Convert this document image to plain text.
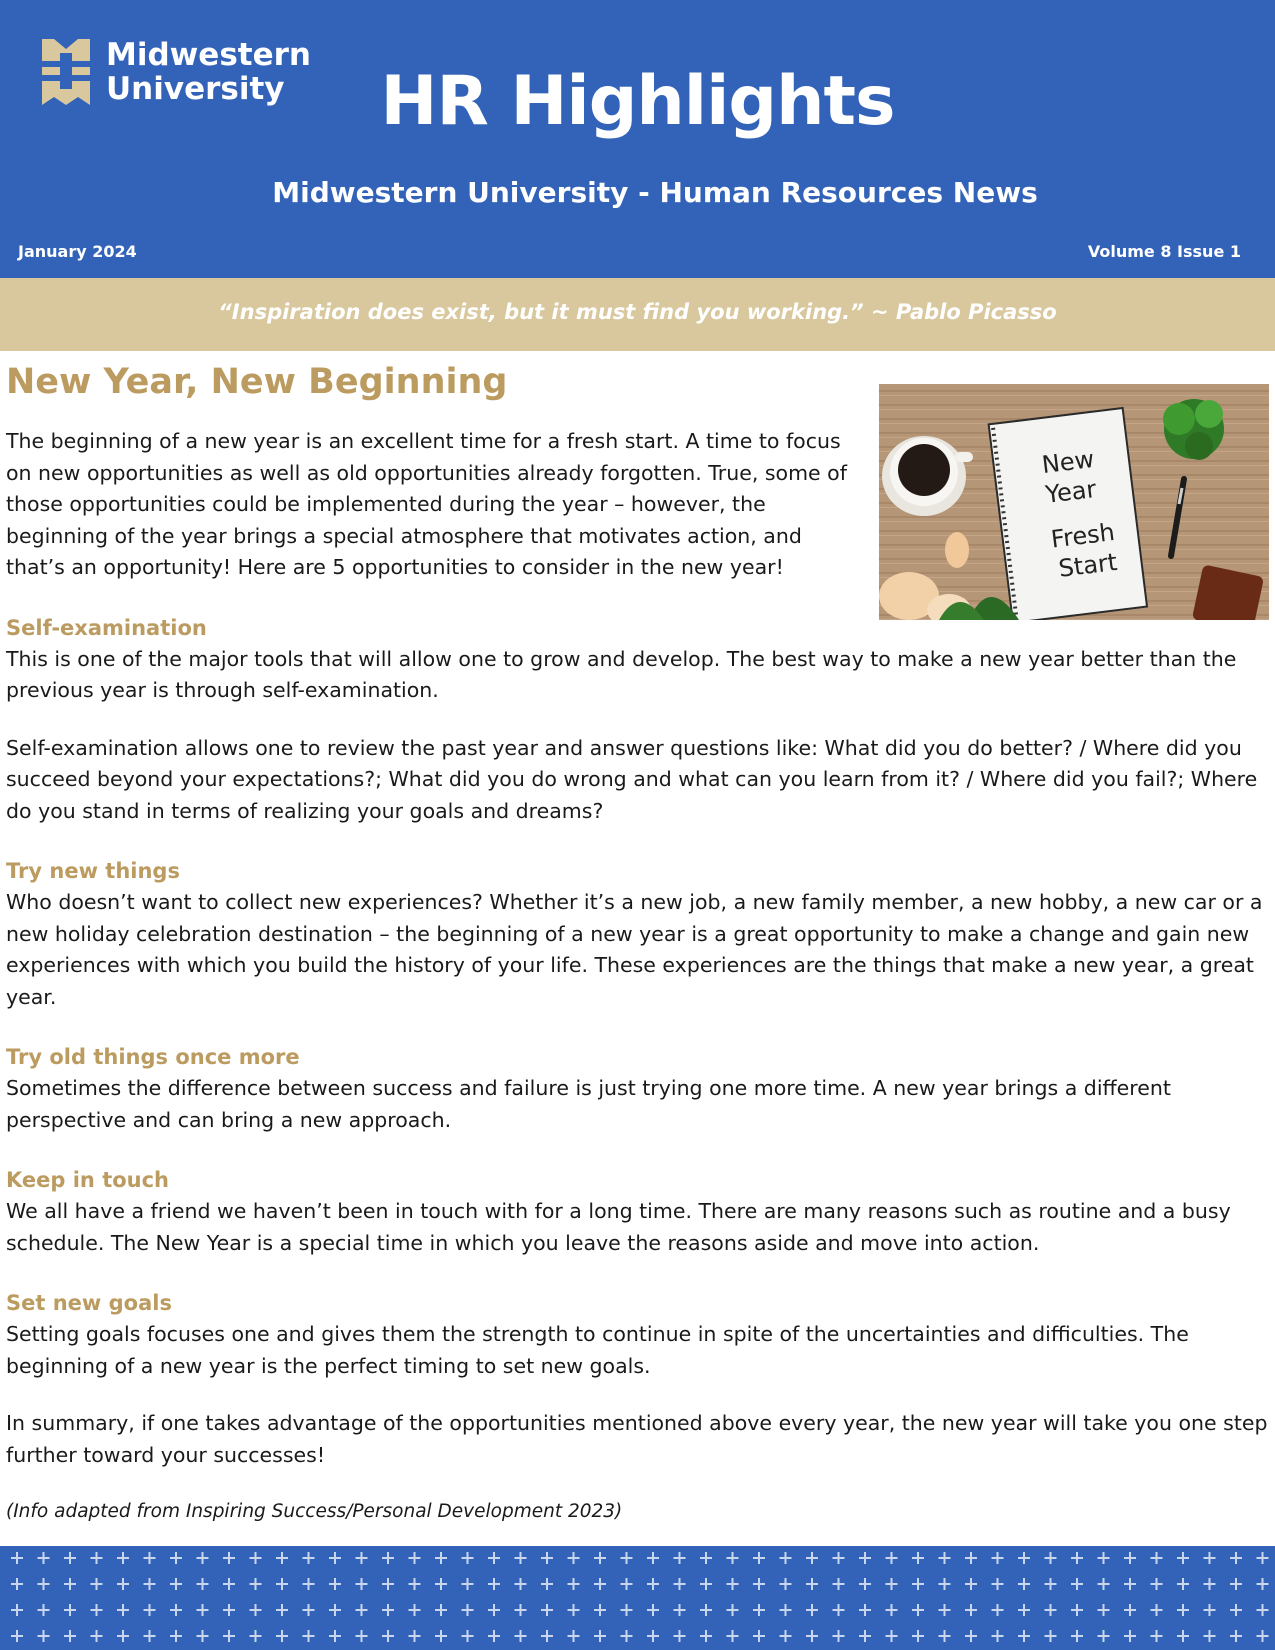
Midwestern
University	HR Highlights
Midwestern University - Human Resources News
January 2024	Volume 8 Issue 1
“Inspiration does exist, but it must find you working.” ~ Pablo Picasso
New Year, New Beginning
New
Year
Fresh
Start

The beginning of a new year is an excellent time for a fresh start. A time to focus on new opportunities as well as old opportunities already forgotten. True, some of those opportunities could be implemented during the year – however, the beginning of the year brings a special atmosphere that motivates action, and that’s an opportunity! Here are 5 opportunities to consider in the new year!

Self-examination

This is one of the major tools that will allow one to grow and develop. The best way to make a new year better than the previous year is through self-examination.

Self-examination allows one to review the past year and answer questions like: What did you do better? / Where did you succeed beyond your expectations?; What did you do wrong and what can you learn from it? / Where did you fail?; Where do you stand in terms of realizing your goals and dreams?

Try new things

Who doesn’t want to collect new experiences? Whether it’s a new job, a new family member, a new hobby, a new car or a new holiday celebration destination – the beginning of a new year is a great opportunity to make a change and gain new experiences with which you build the history of your life. These experiences are the things that make a new year, a great year.

Try old things once more

Sometimes the difference between success and failure is just trying one more time. A new year brings a different perspective and can bring a new approach.

Keep in touch

We all have a friend we haven’t been in touch with for a long time. There are many reasons such as routine and a busy schedule. The New Year is a special time in which you leave the reasons aside and move into action.

Set new goals

Setting goals focuses one and gives them the strength to continue in spite of the uncertainties and difficulties. The beginning of a new year is the perfect timing to set new goals.

In summary, if one takes advantage of the opportunities mentioned above every year, the new year will take you one step further toward your successes!

(Info adapted from Inspiring Success/Personal Development 2023)
